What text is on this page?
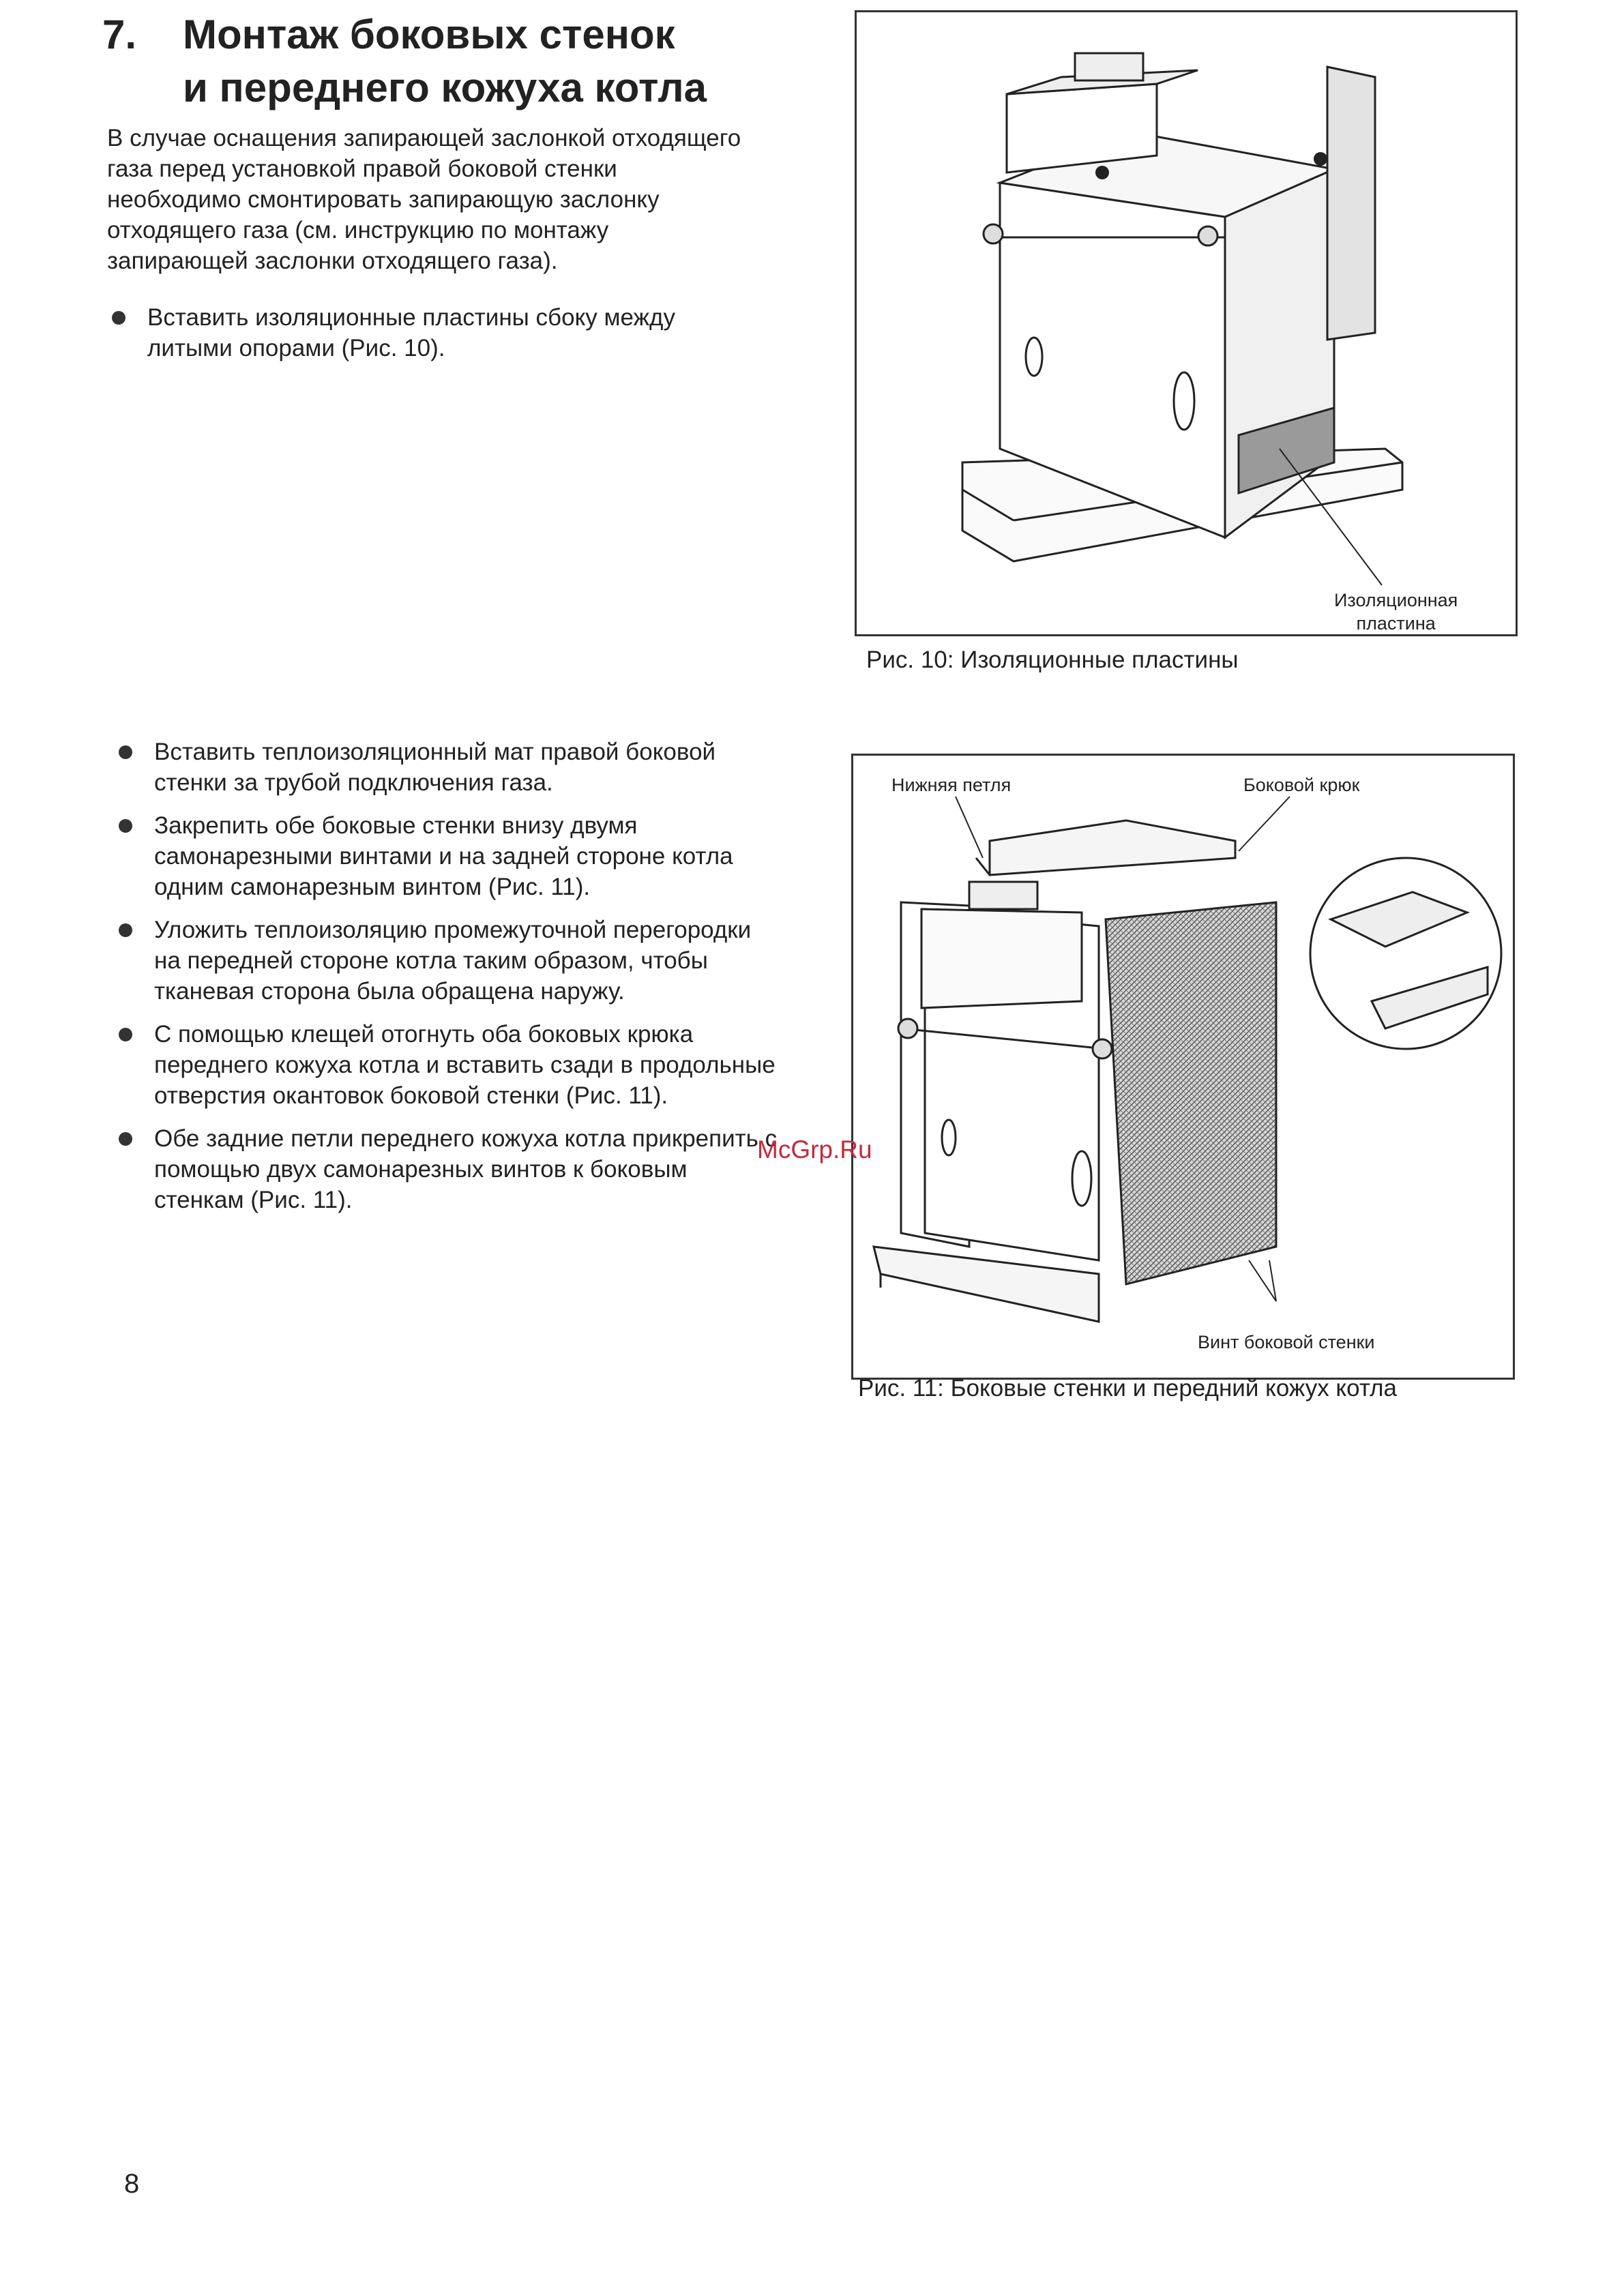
7. Монтаж боковых стенок
и переднего кожуха котла

В случае оснащения запирающей заслонкой отходящего газа перед установкой правой боковой стенки необходимо смонтировать запирающую заслонку отходящего газа (см. инструкцию по монтажу запирающей заслонки отходящего газа).

Вставить изоляционные пластины сбоку между литыми опорами (Рис. 10).
Изоляционная
пластина
Рис. 10: Изоляционные пластины
Вставить теплоизоляционный мат правой боковой стенки за трубой подключения газа.
Закрепить обе боковые стенки внизу двумя самонарезными винтами и на задней стороне котла одним самонарезным винтом (Рис. 11).
Уложить теплоизоляцию промежуточной перегородки на передней стороне котла таким образом, чтобы тканевая сторона была обращена наружу.
С помощью клещей отогнуть оба боковых крюка переднего кожуха котла и вставить сзади в продольные отверстия окантовок боковой стенки (Рис. 11).
Обе задние петли переднего кожуха котла прикрепить с помощью двух самонарезных винтов к боковым стенкам (Рис. 11).
Нижняя петля	Боковой крюк
Винт боковой стенки
Рис. 11: Боковые стенки и передний кожух котла
McGrp.Ru
8
